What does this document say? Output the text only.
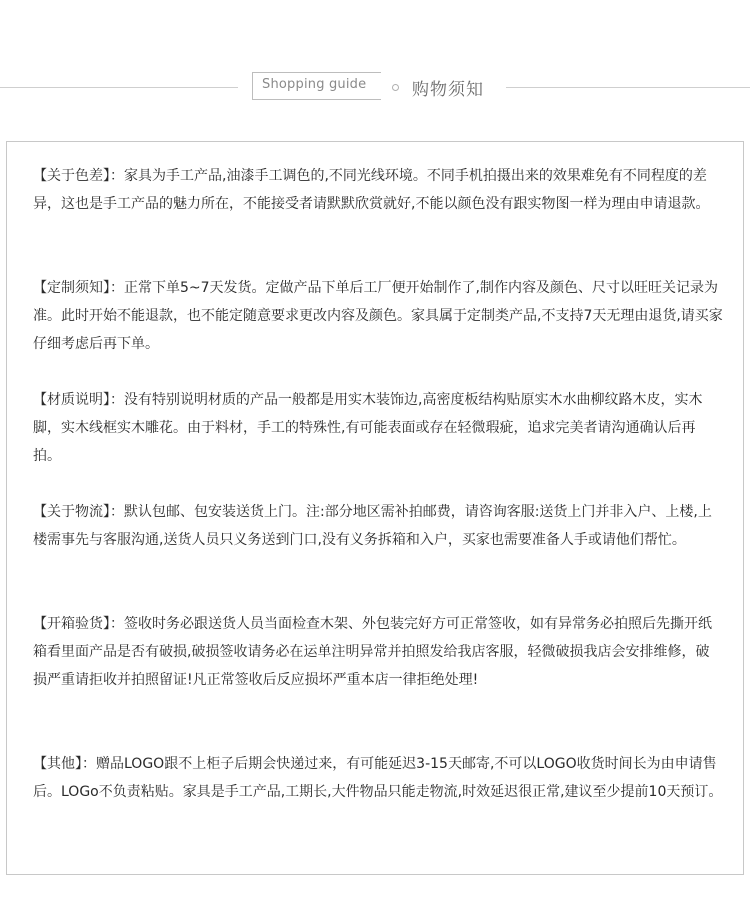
Shopping guide	购物须知

【关于色差】：家具为手工产品,油漆手工调色的,不同光线环境。不同手机拍摄出来的效果难免有不同程度的差异，这也是手工产品的魅力所在，不能接受者请默默欣赏就好,不能以颜色没有跟实物图一样为理由申请退款。

【定制须知】：正常下单5~7天发货。定做产品下单后工厂便开始制作了,制作内容及颜色、尺寸以旺旺关记录为准。此时开始不能退款，也不能定随意要求更改内容及颜色。家具属于定制类产品,不支持7天无理由退货,请买家仔细考虑后再下单。

【材质说明】：没有特别说明材质的产品一般都是用实木装饰边,高密度板结构贴原实木水曲柳纹路木皮，实木脚，实木线框实木雕花。由于料材，手工的特殊性,有可能表面或存在轻微瑕疵，追求完美者请沟通确认后再拍。

【关于物流】：默认包邮、包安装送货上门。注:部分地区需补拍邮费，请咨询客服:送货上门并非入户、上楼,上楼需事先与客服沟通,送货人员只义务送到门口,没有义务拆箱和入户，买家也需要准备人手或请他们帮忙。

【开箱验货】：签收时务必跟送货人员当面检查木架、外包装完好方可正常签收，如有异常务必拍照后先撕开纸箱看里面产品是否有破损,破损签收请务必在运单注明异常并拍照发给我店客服，轻微破损我店会安排维修，破损严重请拒收并拍照留证!凡正常签收后反应损坏严重本店一律拒绝处理!

【其他】：赠品LOGO跟不上柜子后期会快递过来，有可能延迟3-15天邮寄,不可以LOGO收货时间长为由申请售后。LOGo不负责粘贴。家具是手工产品,工期长,大件物品只能走物流,时效延迟很正常,建议至少提前10天预订。
